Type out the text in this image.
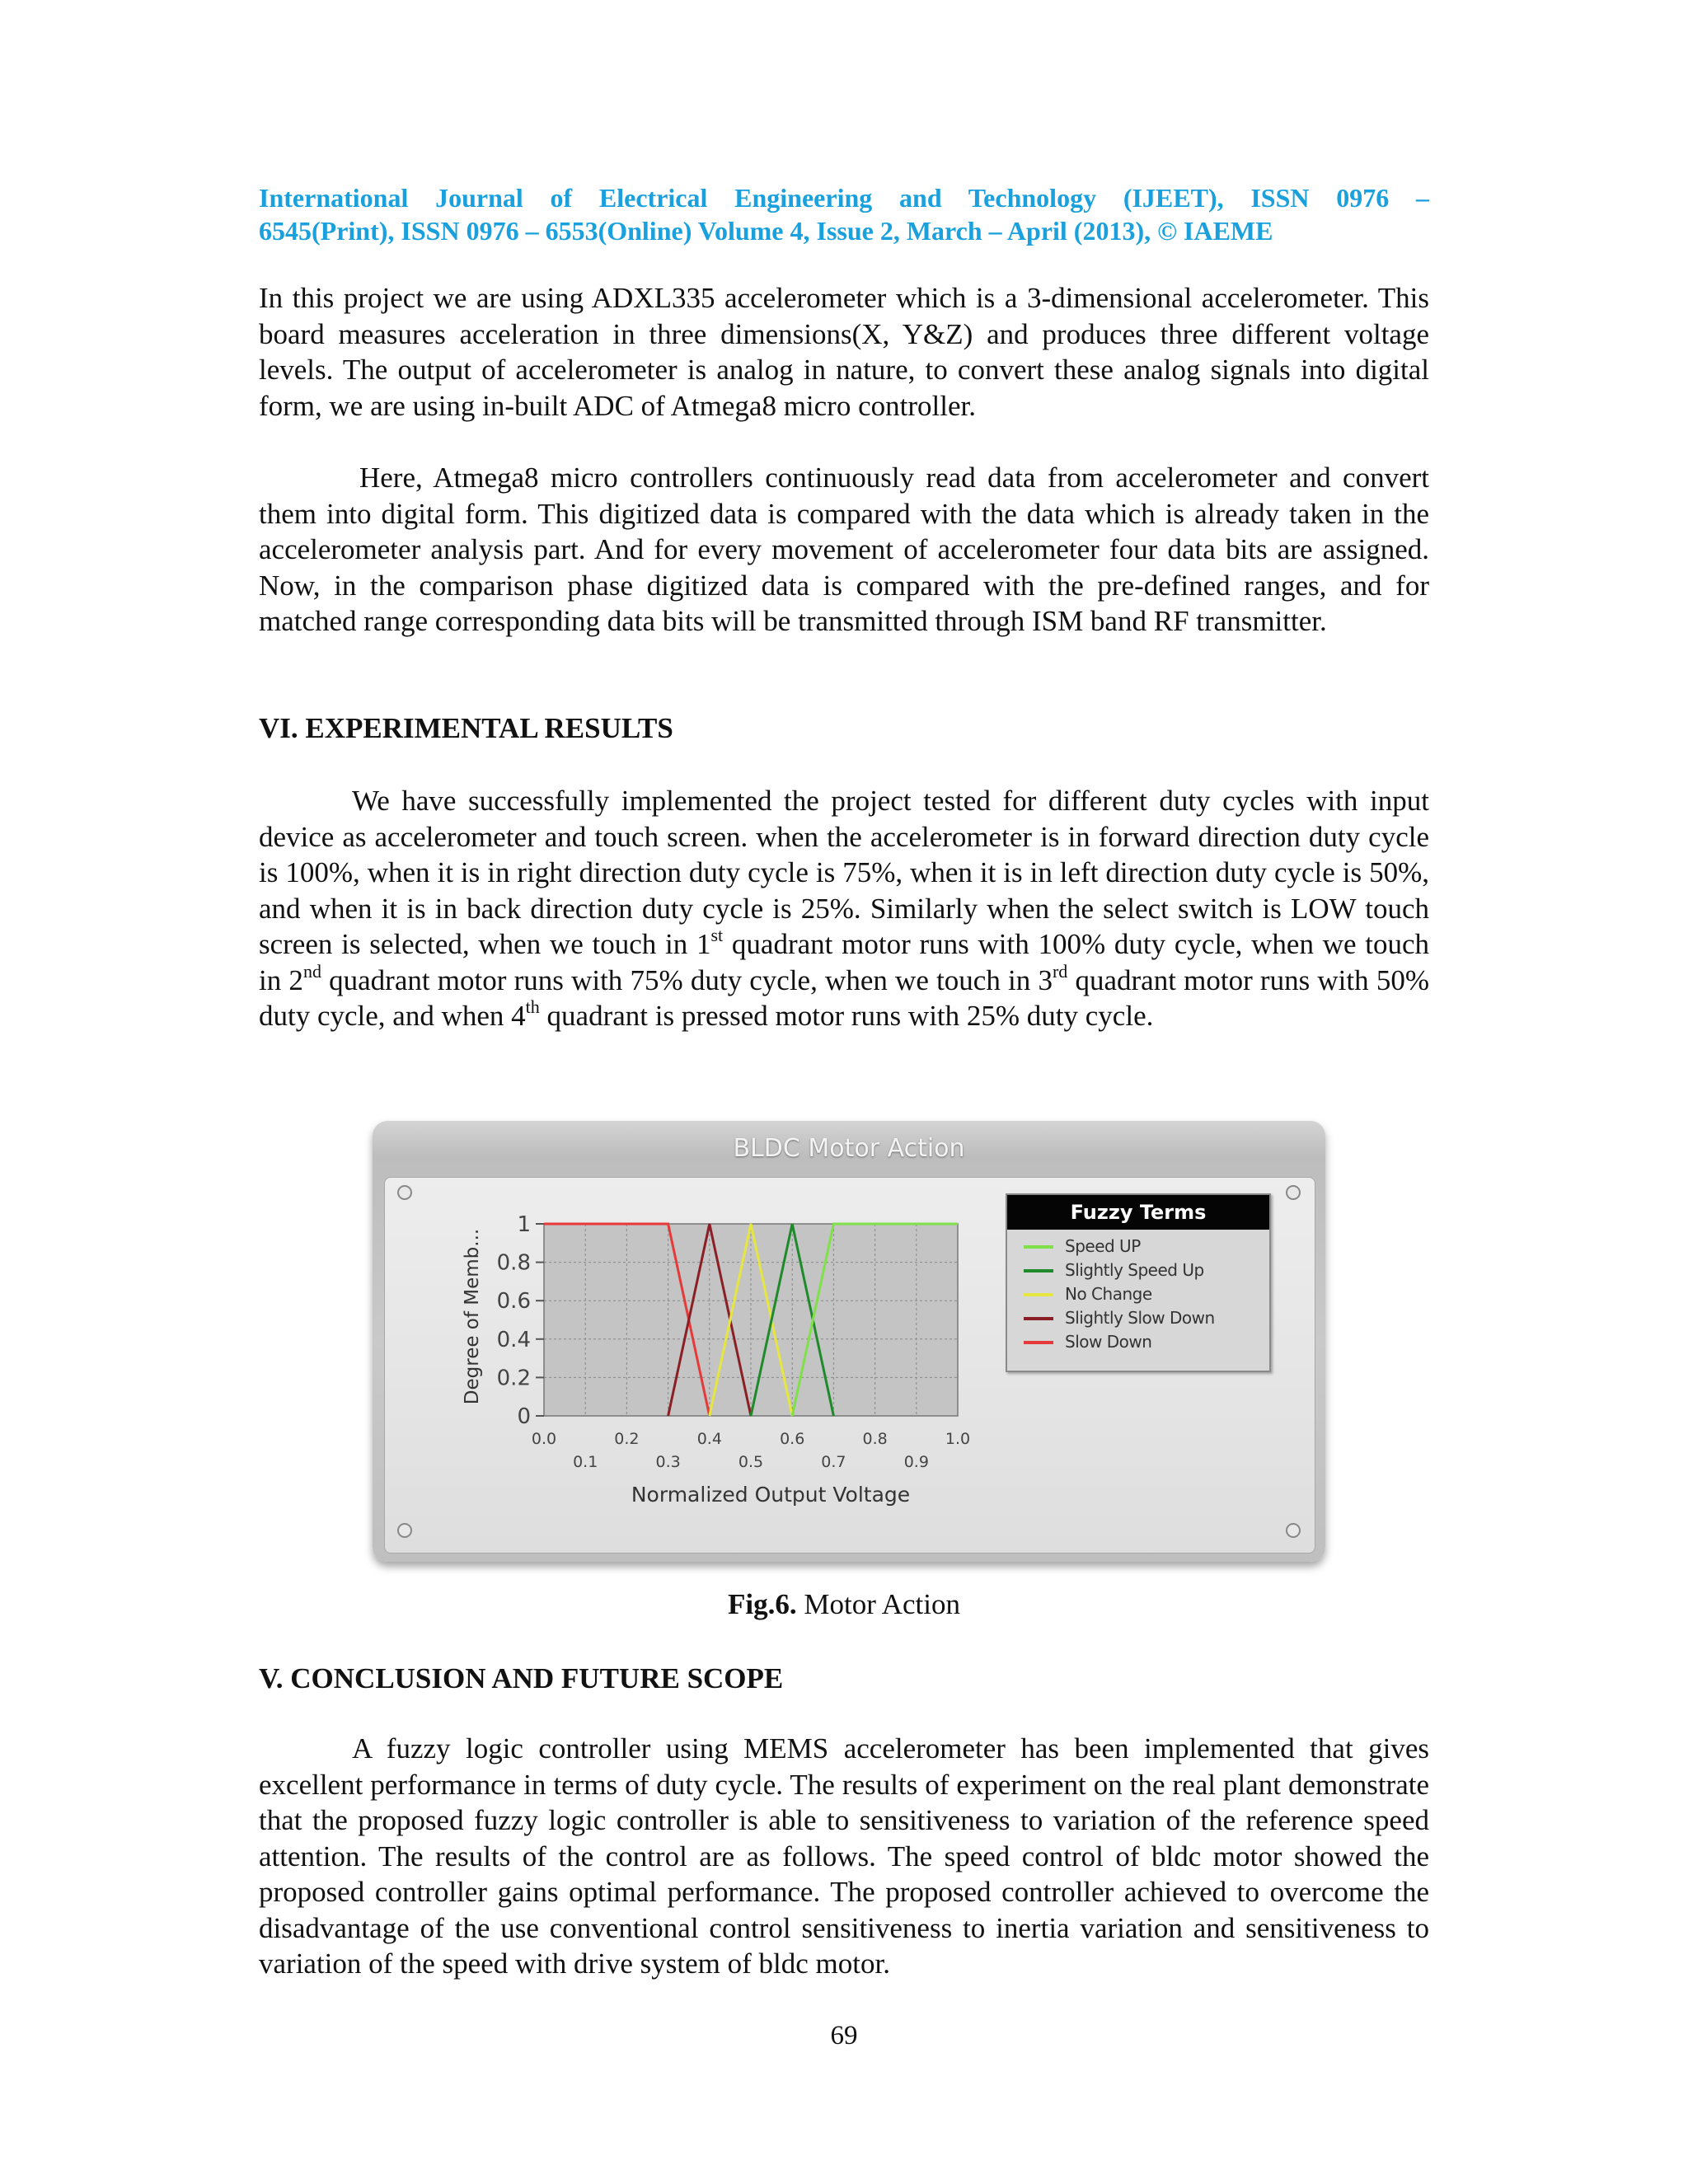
International Journal of Electrical Engineering and Technology (IJEET), ISSN 0976 –
6545(Print), ISSN 0976 – 6553(Online) Volume 4, Issue 2, March – April (2013), © IAEME
In this project we are using ADXL335 accelerometer which is a 3-dimensional accelerometer. This board measures acceleration in three dimensions(X, Y&Z) and produces three different voltage levels. The output of accelerometer is analog in nature, to convert these analog signals into digital form, we are using in-built ADC of Atmega8 micro controller.
Here, Atmega8 micro controllers continuously read data from accelerometer and convert them into digital form. This digitized data is compared with the data which is already taken in the accelerometer analysis part. And for every movement of accelerometer four data bits are assigned. Now, in the comparison phase digitized data is compared with the pre-defined ranges, and for matched range corresponding data bits will be transmitted through ISM band RF transmitter.
VI. EXPERIMENTAL RESULTS
We have successfully implemented the project tested for different duty cycles with input device as accelerometer and touch screen. when the accelerometer is in forward direction duty cycle is 100%, when it is in right direction duty cycle is 75%, when it is in left direction duty cycle is 50%, and when it is in back direction duty cycle is 25%. Similarly when the select switch is LOW touch screen is selected, when we touch in 1st quadrant motor runs with 100% duty cycle, when we touch in 2nd quadrant motor runs with 75% duty cycle, when we touch in 3rd quadrant motor runs with 50% duty cycle, and when 4th quadrant is pressed motor runs with 25% duty cycle.
BLDC Motor Action
0
0.2
0.4
0.6
0.8
1
0.0	0.2	0.4	0.6	0.8	1.0
0.1	0.3	0.5	0.7	0.9
Normalized Output Voltage
Degree of Memb...
Fuzzy Terms
Speed UP
Slightly Speed Up
No Change
Slightly Slow Down
Slow Down
Fig.6. Motor Action
V. CONCLUSION AND FUTURE SCOPE
A fuzzy logic controller using MEMS accelerometer has been implemented that gives excellent performance in terms of duty cycle. The results of experiment on the real plant demonstrate that the proposed fuzzy logic controller is able to sensitiveness to variation of the reference speed attention. The results of the control are as follows. The speed control of bldc motor showed the proposed controller gains optimal performance. The proposed controller achieved to overcome the disadvantage of the use conventional control sensitiveness to inertia variation and sensitiveness to variation of the speed with drive system of bldc motor.
69
